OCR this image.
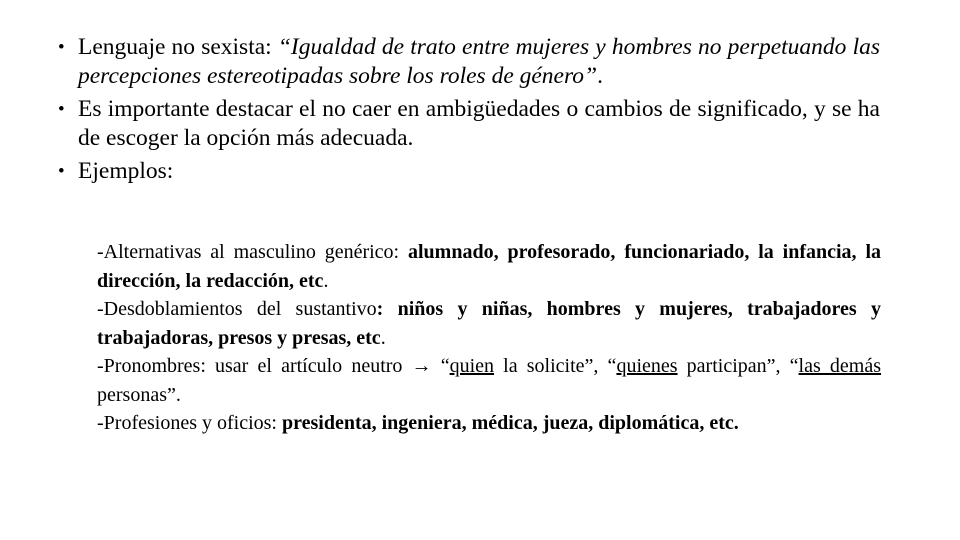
• Lenguaje no sexista: “Igualdad de trato entre mujeres y hombres no perpetuando las percepciones estereotipadas sobre los roles de género”.

• Es importante destacar el no caer en ambigüedades o cambios de significado, y se ha de escoger la opción más adecuada.

• Ejemplos:

-Alternativas al masculino genérico: alumnado, profesorado, funcionariado, la infancia, la dirección, la redacción, etc.

-Desdoblamientos del sustantivo: niños y niñas, hombres y mujeres, trabajadores y trabajadoras, presos y presas, etc.

-Pronombres: usar el artículo neutro → “quien la solicite”, “quienes participan”, “las demás personas”.

-Profesiones y oficios: presidenta, ingeniera, médica, jueza, diplomática, etc.
